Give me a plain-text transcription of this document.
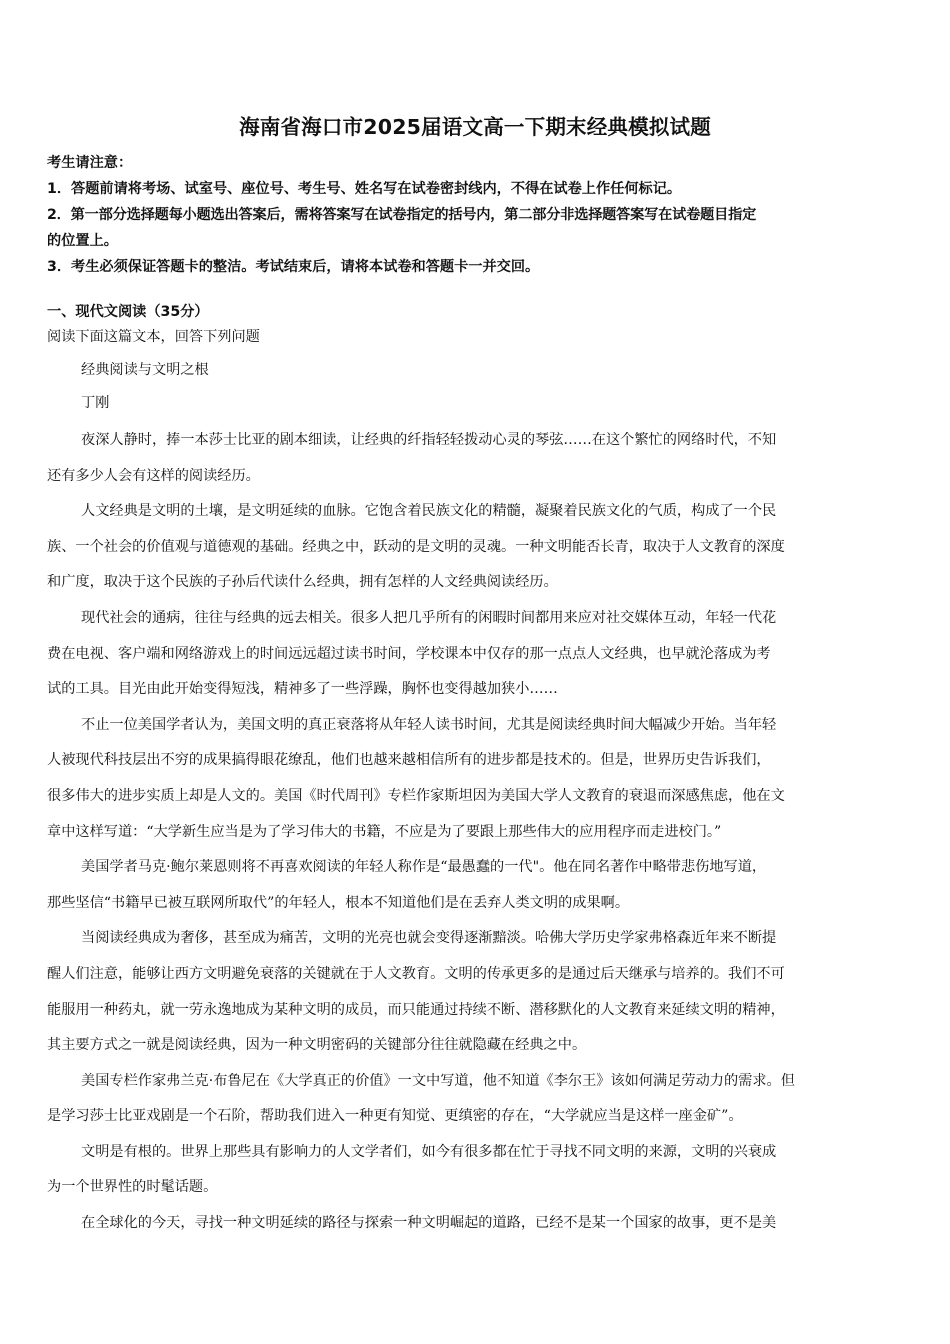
海南省海口市2025届语文高一下期末经典模拟试题
考生请注意：
1．答题前请将考场、试室号、座位号、考生号、姓名写在试卷密封线内，不得在试卷上作任何标记。
2．第一部分选择题每小题选出答案后，需将答案写在试卷指定的括号内，第二部分非选择题答案写在试卷题目指定
的位置上。
3．考生必须保证答题卡的整洁。考试结束后，请将本试卷和答题卡一并交回。
一、现代文阅读（35分）
阅读下面这篇文本，回答下列问题
经典阅读与文明之根
丁刚

夜深人静时，捧一本莎士比亚的剧本细读，让经典的纤指轻轻拨动心灵的琴弦……在这个繁忙的网络时代，不知
还有多少人会有这样的阅读经历。

人文经典是文明的土壤，是文明延续的血脉。它饱含着民族文化的精髓，凝聚着民族文化的气质，构成了一个民
族、一个社会的价值观与道德观的基础。经典之中，跃动的是文明的灵魂。一种文明能否长青，取决于人文教育的深度
和广度，取决于这个民族的子孙后代读什么经典，拥有怎样的人文经典阅读经历。

现代社会的通病，往往与经典的远去相关。很多人把几乎所有的闲暇时间都用来应对社交媒体互动，年轻一代花
费在电视、客户端和网络游戏上的时间远远超过读书时间，学校课本中仅存的那一点点人文经典，也早就沦落成为考
试的工具。目光由此开始变得短浅，精神多了一些浮躁，胸怀也变得越加狭小……

不止一位美国学者认为，美国文明的真正衰落将从年轻人读书时间，尤其是阅读经典时间大幅减少开始。当年轻
人被现代科技层出不穷的成果搞得眼花缭乱，他们也越来越相信所有的进步都是技术的。但是，世界历史告诉我们，
很多伟大的进步实质上却是人文的。美国《时代周刊》专栏作家斯坦因为美国大学人文教育的衰退而深感焦虑，他在文
章中这样写道：“大学新生应当是为了学习伟大的书籍，不应是为了要跟上那些伟大的应用程序而走进校门。”

美国学者马克·鲍尔莱恩则将不再喜欢阅读的年轻人称作是“最愚蠢的一代"。他在同名著作中略带悲伤地写道，
那些坚信“书籍早已被互联网所取代”的年轻人，根本不知道他们是在丢弃人类文明的成果啊。

当阅读经典成为奢侈，甚至成为痛苦，文明的光亮也就会变得逐渐黯淡。哈佛大学历史学家弗格森近年来不断提
醒人们注意，能够让西方文明避免衰落的关键就在于人文教育。文明的传承更多的是通过后天继承与培养的。我们不可
能服用一种药丸，就一劳永逸地成为某种文明的成员，而只能通过持续不断、潜移默化的人文教育来延续文明的精神，
其主要方式之一就是阅读经典，因为一种文明密码的关键部分往往就隐藏在经典之中。

美国专栏作家弗兰克·布鲁尼在《大学真正的价值》一文中写道，他不知道《李尔王》该如何满足劳动力的需求。但
是学习莎士比亚戏剧是一个石阶，帮助我们进入一种更有知觉、更缜密的存在，“大学就应当是这样一座金矿”。

文明是有根的。世界上那些具有影响力的人文学者们，如今有很多都在忙于寻找不同文明的来源，文明的兴衰成
为一个世界性的时髦话题。

在全球化的今天，寻找一种文明延续的路径与探索一种文明崛起的道路，已经不是某一个国家的故事，更不是美
